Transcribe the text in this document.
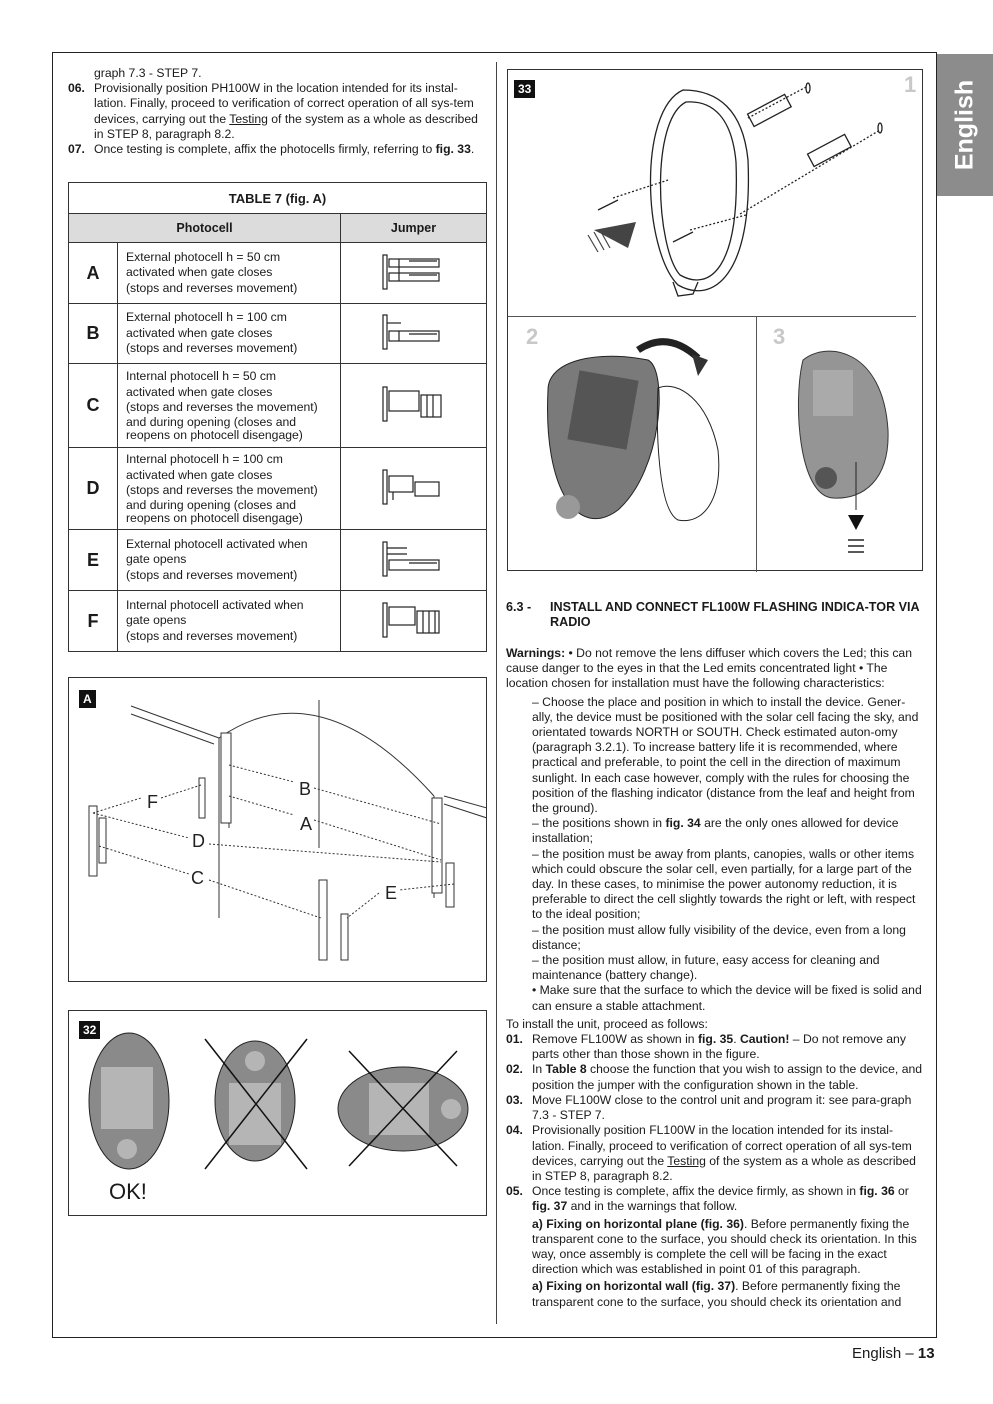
English

graph 7.3 - STEP 7.

06. Provisionally position PH100W in the location intended for its instal-lation. Finally, proceed to verification of correct operation of all sys-tem devices, carrying out the Testing of the system as a whole as described in STEP 8, paragraph 8.2.

07. Once testing is complete, affix the photocells firmly, referring to fig. 33.

TABLE 7 (fig. A)		
Photocell		Jumper
A	External photocell h = 50 cm
activated when gate closes
(stops and reverses movement)

B	External photocell h = 100 cm
activated when gate closes
(stops and reverses movement)

C	Internal photocell h = 50 cm
activated when gate closes
(stops and reverses the movement)
and during opening (closes and
reopens on photocell disengage)

D	Internal photocell h = 100 cm
activated when gate closes
(stops and reverses the movement)
and during opening (closes and
reopens on photocell disengage)

E	External photocell activated when
gate opens
(stops and reverses movement)

F	Internal photocell activated when
gate opens
(stops and reverses movement)

A
B
A
F
D
C
E
32
OK!
33	1
2	3
6.3 -	INSTALL AND CONNECT FL100W FLASHING INDICA-TOR VIA RADIO

Warnings: • Do not remove the lens diffuser which covers the Led; this can cause danger to the eyes in that the Led emits concentrated light • The location chosen for installation must have the following characteristics:

– Choose the place and position in which to install the device. Gener-ally, the device must be positioned with the solar cell facing the sky, and orientated towards NORTH or SOUTH. Check estimated auton-omy (paragraph 3.2.1). To increase battery life it is recommended, where practical and preferable, to point the cell in the direction of maximum sunlight. In each case however, comply with the rules for choosing the position of the flashing indicator (distance from the leaf and height from the ground).

– the positions shown in fig. 34 are the only ones allowed for device installation;

– the position must be away from plants, canopies, walls or other items which could obscure the solar cell, even partially, for a large part of the day. In these cases, to minimise the power autonomy reduction, it is preferable to direct the cell slightly towards the right or left, with respect to the ideal position;

– the position must allow fully visibility of the device, even from a long distance;

– the position must allow, in future, easy access for cleaning and maintenance (battery change).

• Make sure that the surface to which the device will be fixed is solid and can ensure a stable attachment.

To install the unit, proceed as follows:

01. Remove FL100W as shown in fig. 35. Caution! – Do not remove any parts other than those shown in the figure.

02. In Table 8 choose the function that you wish to assign to the device, and position the jumper with the configuration shown in the table.

03. Move FL100W close to the control unit and program it: see para-graph 7.3 - STEP 7.

04. Provisionally position FL100W in the location intended for its instal-lation. Finally, proceed to verification of correct operation of all sys-tem devices, carrying out the Testing of the system as a whole as described in STEP 8, paragraph 8.2.

05. Once testing is complete, affix the device firmly, as shown in fig. 36 or fig. 37 and in the warnings that follow.

a) Fixing on horizontal plane (fig. 36). Before permanently fixing the transparent cone to the surface, you should check its orientation. In this way, once assembly is complete the cell will be facing in the exact direction which was established in point 01 of this paragraph.

a) Fixing on horizontal wall (fig. 37). Before permanently fixing the transparent cone to the surface, you should check its orientation and

English – 13
